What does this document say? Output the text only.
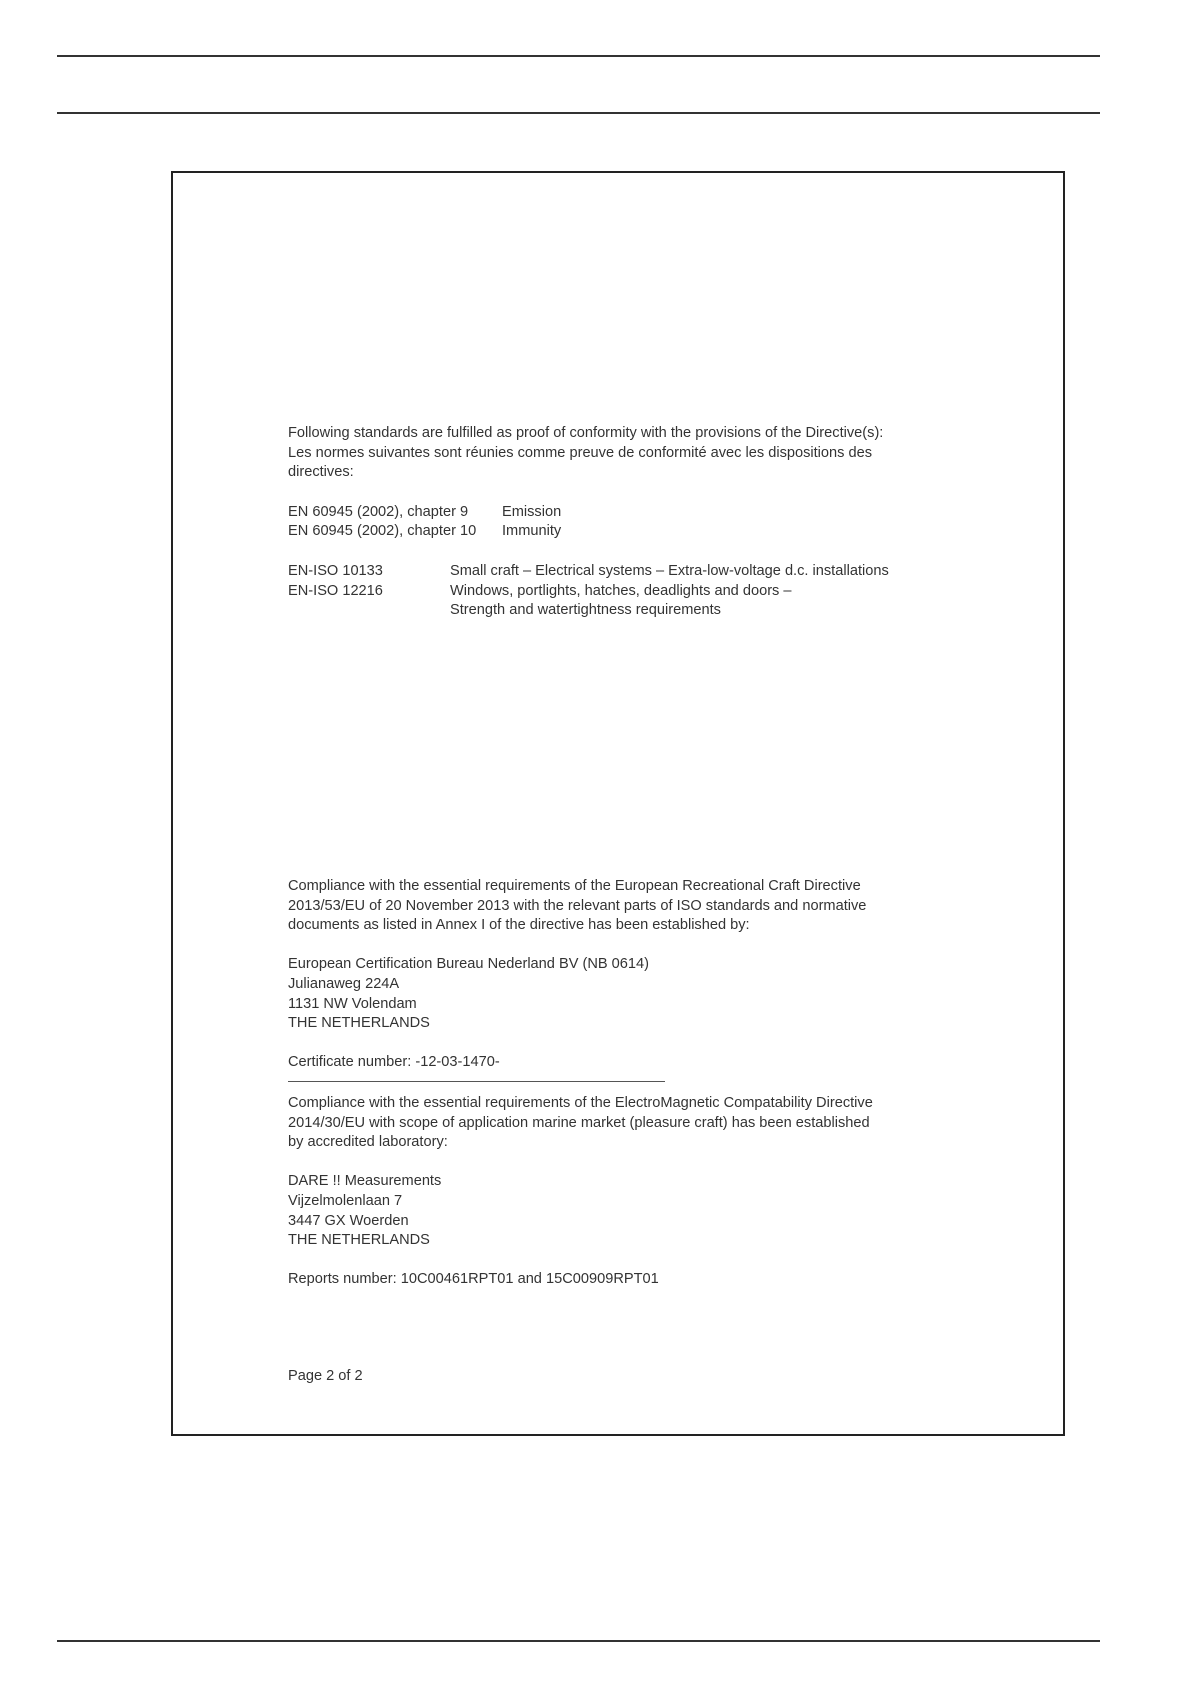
Following standards are fulfilled as proof of conformity with the provisions of the Directive(s):

Les normes suivantes sont réunies comme preuve de conformité avec les dispositions des

directives:

EN 60945 (2002), chapter 9	Emission
EN 60945 (2002), chapter 10	Immunity
EN-ISO 10133	Small craft – Electrical systems – Extra-low-voltage d.c. installations
EN-ISO 12216	Windows, portlights, hatches, deadlights and doors –
Strength and watertightness requirements

Compliance with the essential requirements of the European Recreational Craft Directive

2013/53/EU of 20 November 2013 with the relevant parts of ISO standards and normative

documents as listed in Annex I of the directive has been established by:

European Certification Bureau Nederland BV (NB 0614)

Julianaweg 224A

1131 NW Volendam

THE NETHERLANDS

Certificate number: -12-03-1470-

Compliance with the essential requirements of the ElectroMagnetic Compatability Directive

2014/30/EU with scope of application marine market (pleasure craft) has been established

by accredited laboratory:

DARE !! Measurements

Vijzelmolenlaan 7

3447 GX Woerden

THE NETHERLANDS

Reports number: 10C00461RPT01 and 15C00909RPT01

Page 2 of 2
